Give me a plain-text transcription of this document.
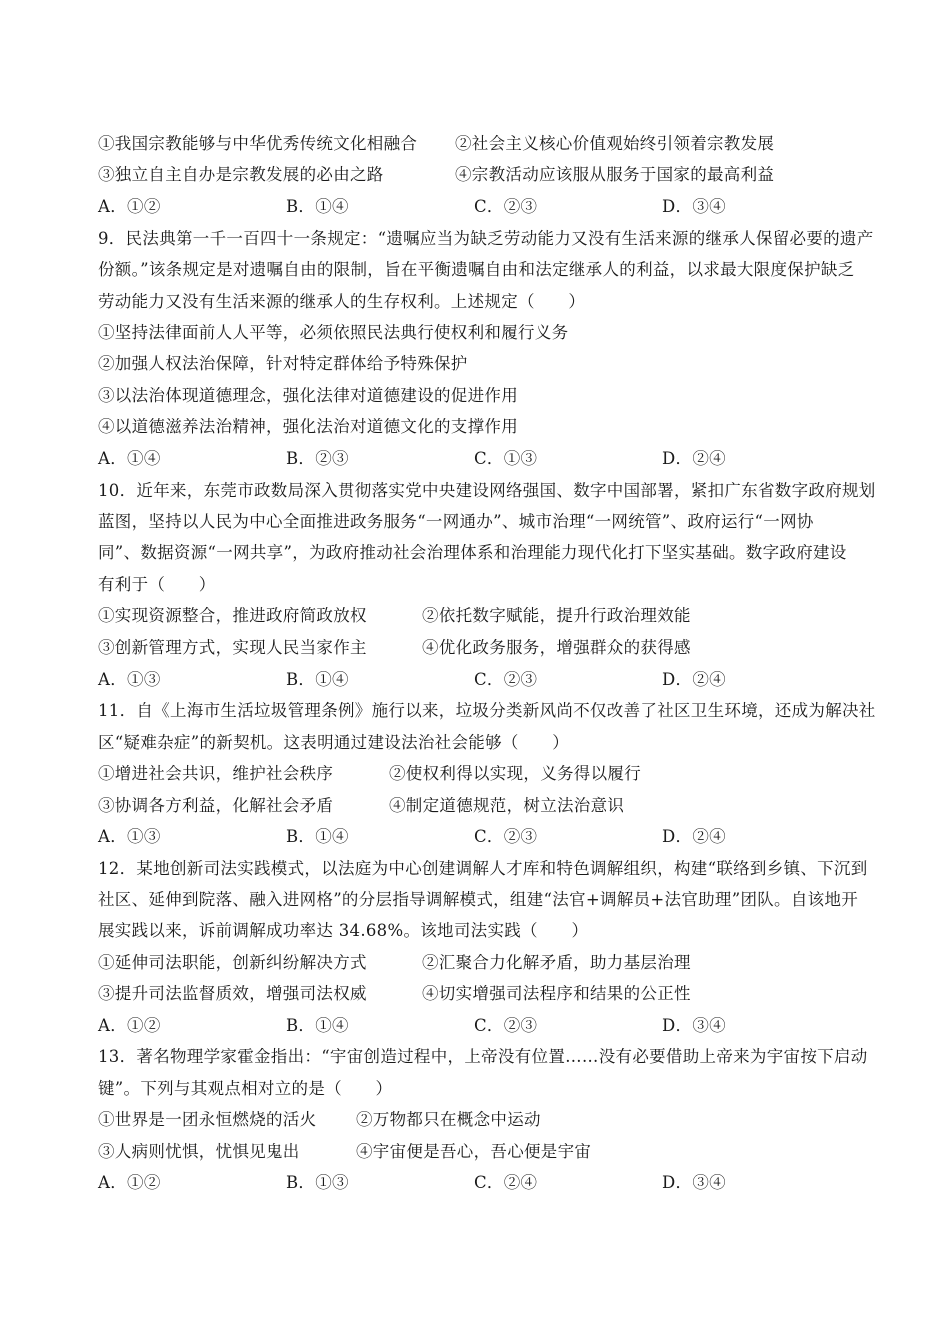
①我国宗教能够与中华优秀传统文化相融合 ②社会主义核心价值观始终引领着宗教发展
③独立自主自办是宗教发展的必由之路	④宗教活动应该服从服务于国家的最高利益
A．①②	B．①④	C．②③	D．③④
9．民法典第一千一百四十一条规定：“遗嘱应当为缺乏劳动能力又没有生活来源的继承人保留必要的遗产
份额。”该条规定是对遗嘱自由的限制，旨在平衡遗嘱自由和法定继承人的利益，以求最大限度保护缺乏
劳动能力又没有生活来源的继承人的生存权利。上述规定（　　）
①坚持法律面前人人平等，必须依照民法典行使权利和履行义务
②加强人权法治保障，针对特定群体给予特殊保护
③以法治体现道德理念，强化法律对道德建设的促进作用
④以道德滋养法治精神，强化法治对道德文化的支撑作用
A．①④	B．②③	C．①③	D．②④
10．近年来，东莞市政数局深入贯彻落实党中央建设网络强国、数字中国部署，紧扣广东省数字政府规划
蓝图，坚持以人民为中心全面推进政务服务“一网通办”、城市治理“一网统管”、政府运行“一网协
同”、数据资源“一网共享”，为政府推动社会治理体系和治理能力现代化打下坚实基础。数字政府建设
有利于（　　）
①实现资源整合，推进政府简政放权	②依托数字赋能，提升行政治理效能
③创新管理方式，实现人民当家作主	④优化政务服务，增强群众的获得感
A．①③	B．①④	C．②③	D．②④
11．自《上海市生活垃圾管理条例》施行以来，垃圾分类新风尚不仅改善了社区卫生环境，还成为解决社
区“疑难杂症”的新契机。这表明通过建设法治社会能够（　　）
①增进社会共识，维护社会秩序	②使权利得以实现，义务得以履行
③协调各方利益，化解社会矛盾	④制定道德规范，树立法治意识
A．①③	B．①④	C．②③	D．②④
12．某地创新司法实践模式，以法庭为中心创建调解人才库和特色调解组织，构建“联络到乡镇、下沉到
社区、延伸到院落、融入进网格”的分层指导调解模式，组建“法官+调解员+法官助理”团队。自该地开
展实践以来，诉前调解成功率达 34.68%。该地司法实践（　　）
①延伸司法职能，创新纠纷解决方式	②汇聚合力化解矛盾，助力基层治理
③提升司法监督质效，增强司法权威	④切实增强司法程序和结果的公正性
A．①②	B．①④	C．②③	D．③④
13．著名物理学家霍金指出：“宇宙创造过程中，上帝没有位置……没有必要借助上帝来为宇宙按下启动
键”。下列与其观点相对立的是（　　）
①世界是一团永恒燃烧的活火 ②万物都只在概念中运动
③人病则忧惧，忧惧见鬼出	④宇宙便是吾心，吾心便是宇宙
A．①②	B．①③	C．②④	D．③④
